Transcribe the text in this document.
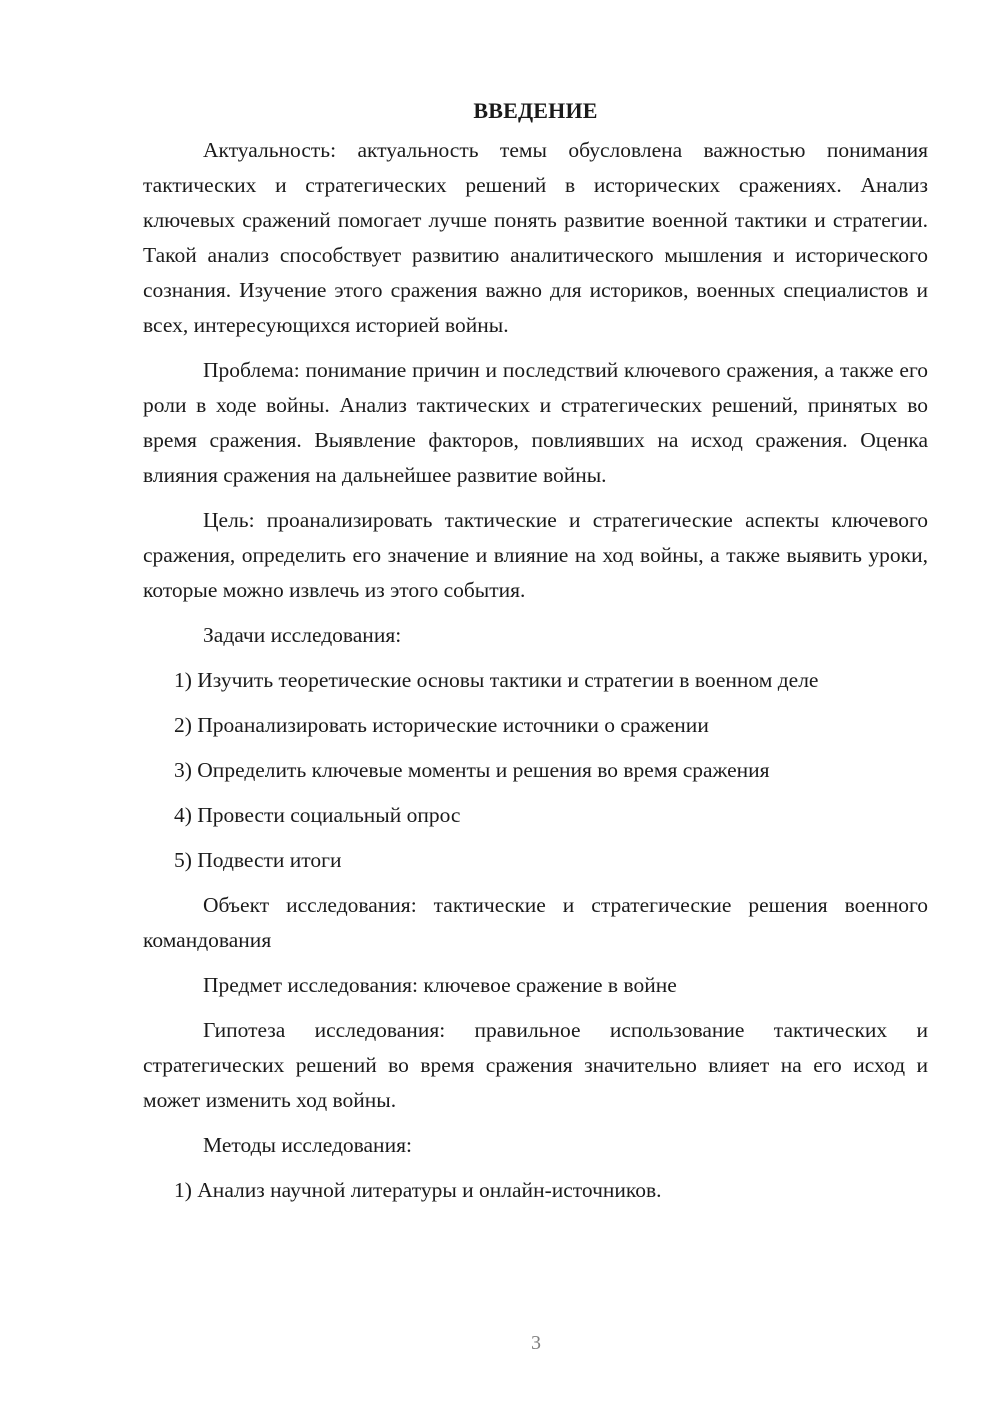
ВВЕДЕНИЕ

Актуальность: актуальность темы обусловлена важностью понимания тактических и стратегических решений в исторических сражениях. Анализ ключевых сражений помогает лучше понять развитие военной тактики и стратегии. Такой анализ способствует развитию аналитического мышления и исторического сознания. Изучение этого сражения важно для историков, военных специалистов и всех, интересующихся историей войны.

Проблема: понимание причин и последствий ключевого сражения, а также его роли в ходе войны. Анализ тактических и стратегических решений, принятых во время сражения. Выявление факторов, повлиявших на исход сражения. Оценка влияния сражения на дальнейшее развитие войны.

Цель: проанализировать тактические и стратегические аспекты ключевого сражения, определить его значение и влияние на ход войны, а также выявить уроки, которые можно извлечь из этого события.

Задачи исследования:

1) Изучить теоретические основы тактики и стратегии в военном деле

2) Проанализировать исторические источники о сражении

3) Определить ключевые моменты и решения во время сражения

4) Провести социальный опрос

5) Подвести итоги

Объект исследования: тактические и стратегические решения военного командования

Предмет исследования: ключевое сражение в войне

Гипотеза исследования: правильное использование тактических и стратегических решений во время сражения значительно влияет на его исход и может изменить ход войны.

Методы исследования:

1) Анализ научной литературы и онлайн-источников.

3
